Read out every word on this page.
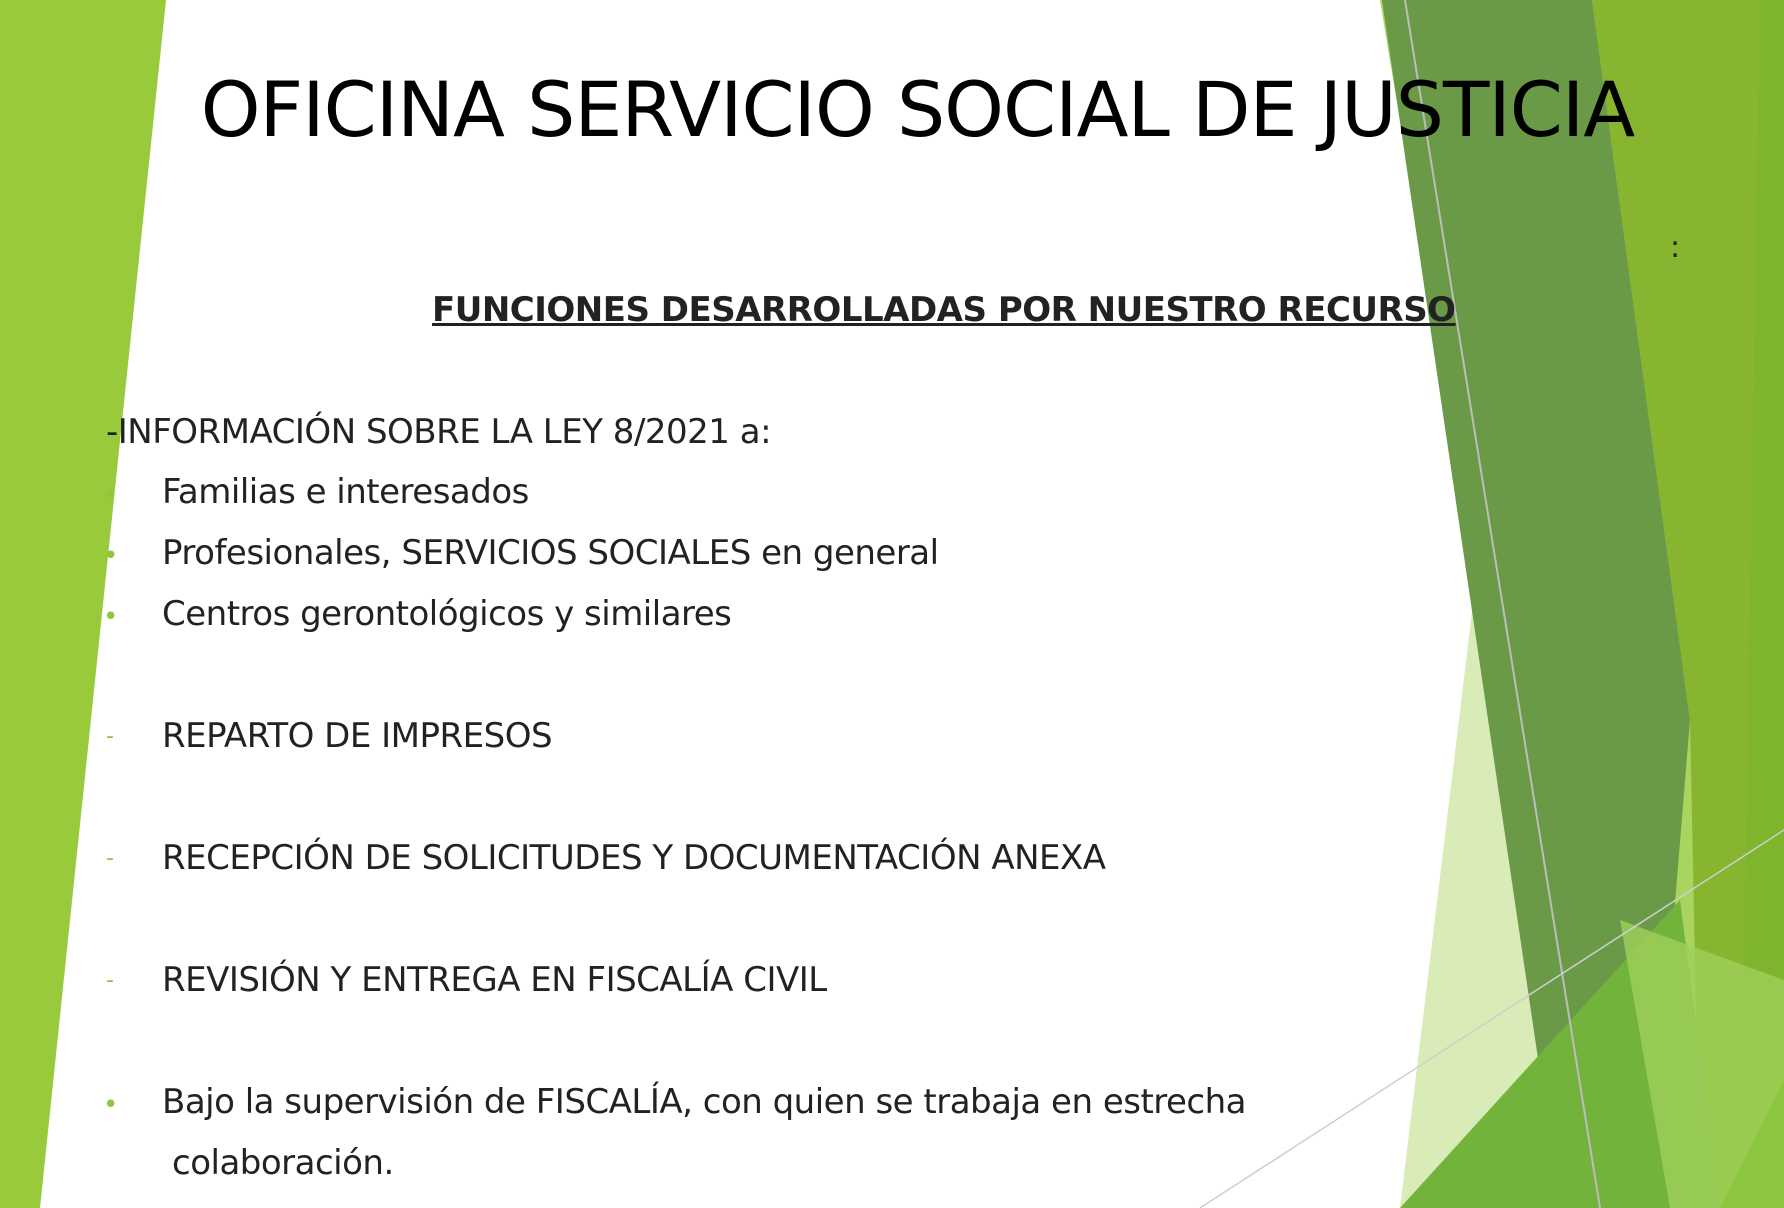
OFICINA SERVICIO SOCIAL DE JUSTICIA
:
FUNCIONES DESARROLLADAS POR NUESTRO RECURSO
-INFORMACIÓN SOBRE LA LEY 8/2021 a:
• Familias e interesados
• Profesionales, SERVICIOS SOCIALES en general
• Centros gerontológicos y similares
- REPARTO DE IMPRESOS
- RECEPCIÓN DE SOLICITUDES Y DOCUMENTACIÓN ANEXA
- REVISIÓN Y ENTREGA EN FISCALÍA CIVIL
• Bajo la supervisión de FISCALÍA, con quien se trabaja en estrecha
colaboración.
